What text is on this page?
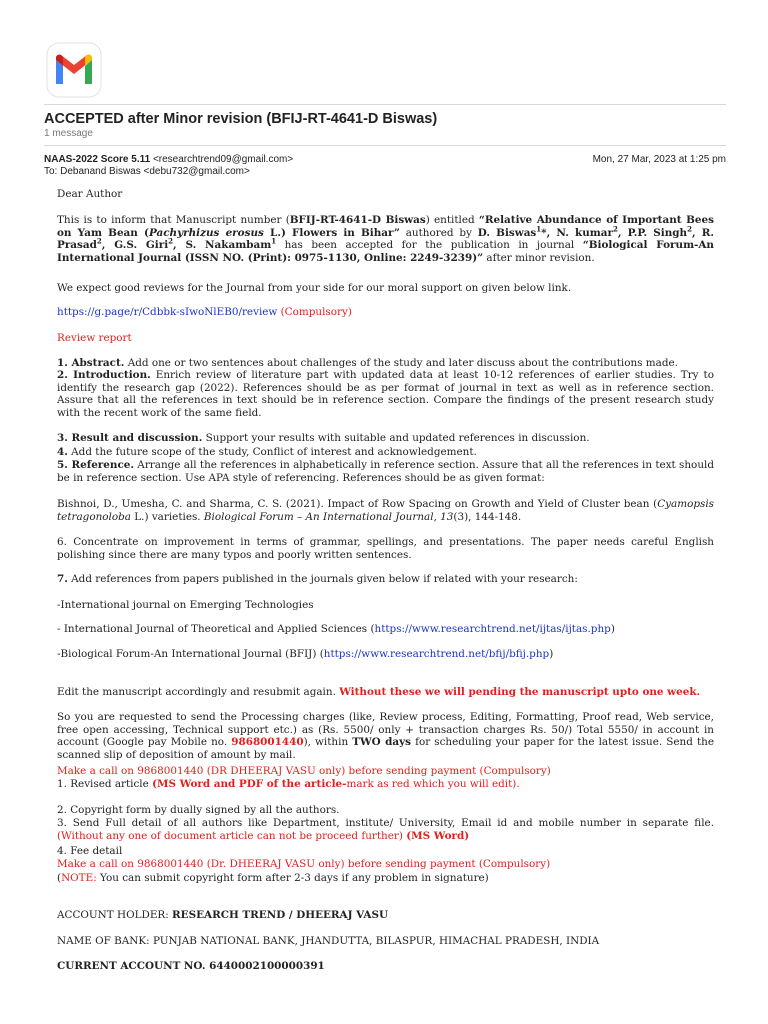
ACCEPTED after Minor revision (BFIJ-RT-4641-D Biswas)
1 message
NAAS-2022 Score 5.11 <researchtrend09@gmail.com>
To: Debanand Biswas <debu732@gmail.com>
Mon, 27 Mar, 2023 at 1:25 pm

Dear Author

This is to inform that Manuscript number (BFIJ-RT-4641-D Biswas) entitled “Relative Abundance of Important Bees on Yam Bean (Pachyrhizus erosus L.) Flowers in Bihar” authored by D. Biswas$^1$*, N. kumar$^2$, P.P. Singh$^2$, R. Prasad$^2$, G.S. Giri$^2$, S. Nakambam$^1$ has been accepted for the publication in journal “Biological Forum-An International Journal (ISSN NO. (Print): 0975-1130, Online: 2249-3239)” after minor revision.

We expect good reviews for the Journal from your side for our moral support on given below link.

https://g.page/r/Cdbbk-sIwoNlEB0/review (Compulsory)

Review report

1. Abstract. Add one or two sentences about challenges of the study and later discuss about the contributions made.

2. Introduction. Enrich review of literature part with updated data at least 10-12 references of earlier studies. Try to identify the research gap (2022). References should be as per format of journal in text as well as in reference section. Assure that all the references in text should be in reference section. Compare the findings of the present research study with the recent work of the same field.

3. Result and discussion. Support your results with suitable and updated references in discussion.

4. Add the future scope of the study, Conflict of interest and acknowledgement.

5. Reference. Arrange all the references in alphabetically in reference section. Assure that all the references in text should be in reference section. Use APA style of referencing. References should be as given format:

Bishnoi, D., Umesha, C. and Sharma, C. S. (2021). Impact of Row Spacing on Growth and Yield of Cluster bean (Cyamopsis tetragonoloba L.) varieties. Biological Forum – An International Journal, 13(3), 144-148.

6. Concentrate on improvement in terms of grammar, spellings, and presentations. The paper needs careful English polishing since there are many typos and poorly written sentences.

7. Add references from papers published in the journals given below if related with your research:

-International journal on Emerging Technologies

- International Journal of Theoretical and Applied Sciences (https://www.researchtrend.net/ijtas/ijtas.php)

-Biological Forum-An International Journal (BFIJ) (https://www.researchtrend.net/bfij/bfij.php)

Edit the manuscript accordingly and resubmit again. Without these we will pending the manuscript upto one week.

So you are requested to send the Processing charges (like, Review process, Editing, Formatting, Proof read, Web service, free open accessing, Technical support etc.) as (Rs. 5500/ only + transaction charges Rs. 50/) Total 5550/ in account in account (Google pay Mobile no. 9868001440), within TWO days for scheduling your paper for the latest issue. Send the scanned slip of deposition of amount by mail.

Make a call on 9868001440 (DR DHEERAJ VASU only) before sending payment (Compulsory)

1. Revised article (MS Word and PDF of the article-mark as red which you will edit).

2. Copyright form by dually signed by all the authors.

3. Send Full detail of all authors like Department, institute/ University, Email id and mobile number in separate file. (Without any one of document article can not be proceed further) (MS Word)

4. Fee detail

Make a call on 9868001440 (Dr. DHEERAJ VASU only) before sending payment (Compulsory)

(NOTE: You can submit copyright form after 2-3 days if any problem in signature)

ACCOUNT HOLDER: RESEARCH TREND / DHEERAJ VASU

NAME OF BANK: PUNJAB NATIONAL BANK, JHANDUTTA, BILASPUR, HIMACHAL PRADESH, INDIA

CURRENT ACCOUNT NO. 6440002100000391
